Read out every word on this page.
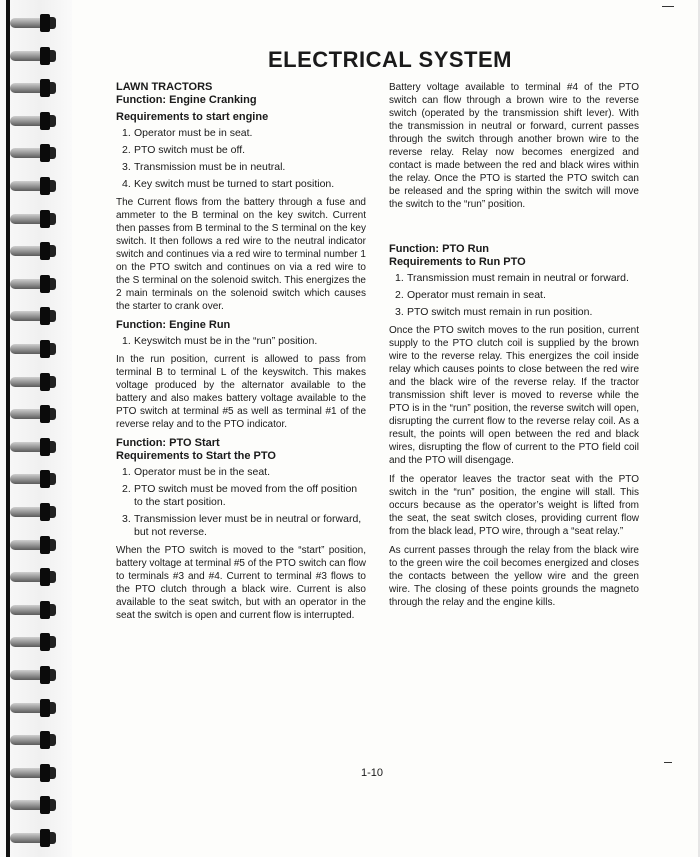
ELECTRICAL SYSTEM
LAWN TRACTORS
Function: Engine Cranking
Requirements to start engine
1. Operator must be in seat.
2. PTO switch must be off.
3. Transmission must be in neutral.
4. Key switch must be turned to start position.

The Current flows from the battery through a fuse and ammeter to the B terminal on the key switch. Current then passes from B terminal to the S terminal on the key switch. It then follows a red wire to the neutral indicator switch and continues via a red wire to terminal number 1 on the PTO switch and continues on via a red wire to the S terminal on the solenoid switch. This energizes the 2 main terminals on the solenoid switch which causes the starter to crank over.

Function: Engine Run
1. Keyswitch must be in the “run” position.

In the run position, current is allowed to pass from terminal B to terminal L of the keyswitch. This makes voltage produced by the alternator available to the battery and also makes battery voltage available to the PTO switch at terminal #5 as well as terminal #1 of the reverse relay and to the PTO indicator.

Function: PTO Start
Requirements to Start the PTO
1. Operator must be in the seat.
2. PTO switch must be moved from the off position to the start position.
3. Transmission lever must be in neutral or forward, but not reverse.

When the PTO switch is moved to the “start” position, battery voltage at terminal #5 of the PTO switch can flow to terminals #3 and #4. Current to terminal #3 flows to the PTO clutch through a black wire. Current is also available to the seat switch, but with an operator in the seat the switch is open and current flow is interrupted.

Battery voltage available to terminal #4 of the PTO switch can flow through a brown wire to the reverse switch (operated by the transmission shift lever). With the transmission in neutral or forward, current passes through the switch through another brown wire to the reverse relay. Relay now becomes energized and contact is made between the red and black wires within the relay. Once the PTO is started the PTO switch can be released and the spring within the switch will move the switch to the “run” position.

Function: PTO Run
Requirements to Run PTO
1. Transmission must remain in neutral or forward.
2. Operator must remain in seat.
3. PTO switch must remain in run position.

Once the PTO switch moves to the run position, current supply to the PTO clutch coil is supplied by the brown wire to the reverse relay. This energizes the coil inside relay which causes points to close between the red wire and the black wire of the reverse relay. If the tractor transmission shift lever is moved to reverse while the PTO is in the “run” position, the reverse switch will open, disrupting the current flow to the reverse relay coil. As a result, the points will open between the red and black wires, disrupting the flow of current to the PTO field coil and the PTO will disengage.

If the operator leaves the tractor seat with the PTO switch in the “run” position, the engine will stall. This occurs because as the operator’s weight is lifted from the seat, the seat switch closes, providing current flow from the black lead, PTO wire, through a “seat relay.”

As current passes through the relay from the black wire to the green wire the coil becomes energized and closes the contacts between the yellow wire and the green wire. The closing of these points grounds the magneto through the relay and the engine kills.

1-10
